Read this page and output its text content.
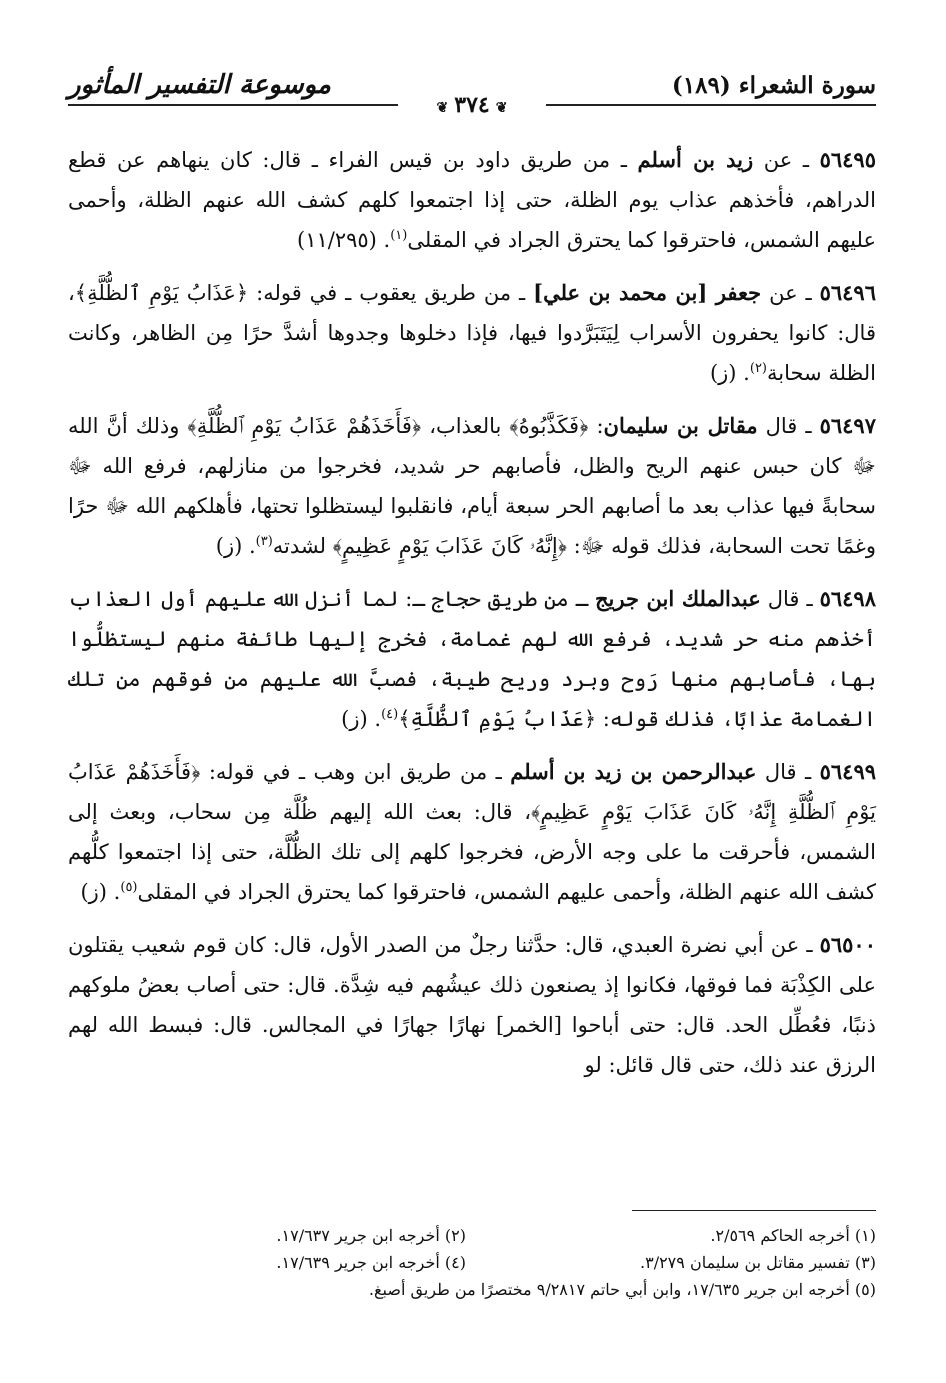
سورة الشعراء (١٨٩)
موسوعة التفسير المأثور
❦٣٧٤❦

٥٦٤٩٥ ـ عن زيد بن أسلم ـ من طريق داود بن قيس الفراء ـ قال: كان ينهاهم عن قطع الدراهم، فأخذهم عذاب يوم الظلة، حتى إذا اجتمعوا كلهم كشف الله عنهم الظلة، وأحمى عليهم الشمس، فاحترقوا كما يحترق الجراد في المقلى$^{(١)}$. (١١/٢٩٥)

٥٦٤٩٦ ـ عن جعفر [بن محمد بن علي] ـ من طريق يعقوب ـ في قوله: ﴿عَذَابُ يَوْمِ ٱلظُّلَّةِ﴾، قال: كانوا يحفرون الأسراب لِيَتَبَرَّدوا فيها، فإذا دخلوها وجدوها أشدَّ حرًا مِن الظاهر، وكانت الظلة سحابة$^{(٢)}$. (ز)

٥٦٤٩٧ ـ قال مقاتل بن سليمان: ﴿فَكَذَّبُوهُ﴾ بالعذاب، ﴿فَأَخَذَهُمْ عَذَابُ يَوْمِ ٱلظُّلَّةِ﴾ وذلك أنَّ الله ﷻ كان حبس عنهم الريح والظل، فأصابهم حر شديد، فخرجوا من منازلهم، فرفع الله ﷻ سحابةً فيها عذاب بعد ما أصابهم الحر سبعة أيام، فانقلبوا ليستظلوا تحتها، فأهلكهم الله ﷻ حرًا وغمًا تحت السحابة، فذلك قوله ﷻ: ﴿إِنَّهُۥ كَانَ عَذَابَ يَوْمٍ عَظِيمٍ﴾ لشدته$^{(٣)}$. (ز)

٥٦٤٩٨ ـ قال عبدالملك ابن جريج ـ من طريق حجاج ـ: لما أنزل الله عليهم أول العذاب أخذهم منه حر شديد، فرفع الله لهم غمامة، فخرج إليها طائفة منهم ليستظلُّوا بها، فأصابهم منها رَوح وبرد وريح طيبة، فصبَّ الله عليهم من فوقهم من تلك الغمامة عذابًا، فذلك قوله: ﴿عَذَابُ يَوْمِ ٱلظُّلَّةِ﴾$^{(٤)}$. (ز)

٥٦٤٩٩ ـ قال عبدالرحمن بن زيد بن أسلم ـ من طريق ابن وهب ـ في قوله: ﴿فَأَخَذَهُمْ عَذَابُ يَوْمِ ٱلظُّلَّةِ إِنَّهُۥ كَانَ عَذَابَ يَوْمٍ عَظِيمٍ﴾، قال: بعث الله إليهم ظُلَّة مِن سحاب، وبعث إلى الشمس، فأحرقت ما على وجه الأرض، فخرجوا كلهم إلى تلك الظُّلَّة، حتى إذا اجتمعوا كلُّهم كشف الله عنهم الظلة، وأحمى عليهم الشمس، فاحترقوا كما يحترق الجراد في المقلى$^{(٥)}$. (ز)

٥٦٥٠٠ ـ عن أبي نضرة العبدي، قال: حدَّثنا رجلٌ من الصدر الأول، قال: كان قوم شعيب يقتلون على الكِذْبَة فما فوقها، فكانوا إذ يصنعون ذلك عيشُهم فيه شِدَّة. قال: حتى أصاب بعضُ ملوكهم ذنبًا، فعُطِّل الحد. قال: حتى أباحوا [الخمر] نهارًا جهارًا في المجالس. قال: فبسط الله لهم الرزق عند ذلك، حتى قال قائل: لو

(١) أخرجه الحاكم ٢/٥٦٩.
(٢) أخرجه ابن جرير ١٧/٦٣٧.
(٣) تفسير مقاتل بن سليمان ٣/٢٧٩.
(٤) أخرجه ابن جرير ١٧/٦٣٩.
(٥) أخرجه ابن جرير ١٧/٦٣٥، وابن أبي حاتم ٩/٢٨١٧ مختصرًا من طريق أصبغ.
